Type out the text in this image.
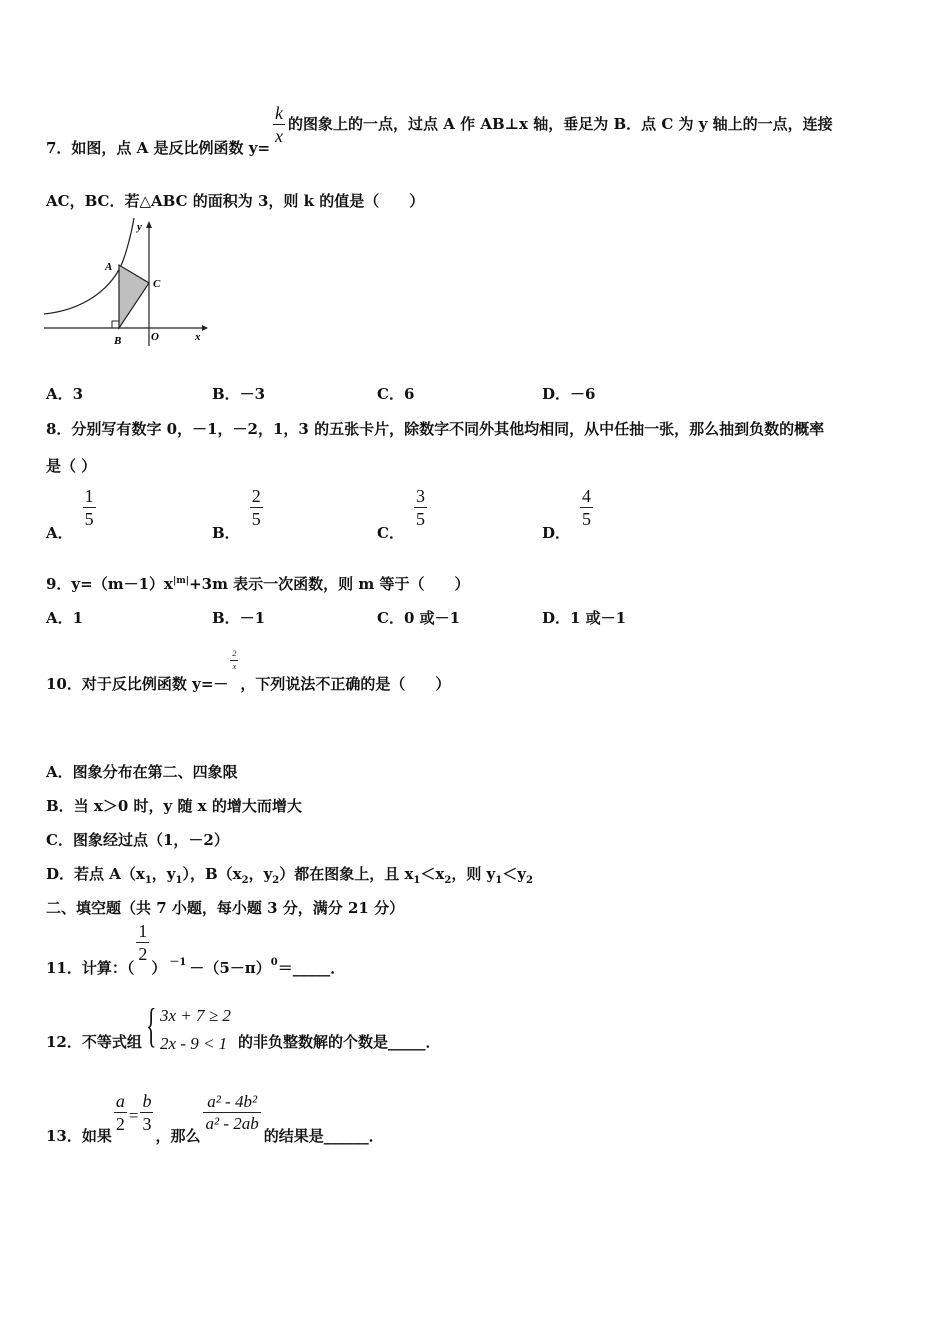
7．如图，点 A 是反比例函数 y=
$\frac{k}{x}$ 的图象上的一点，过点 A 作 AB⊥x 轴，垂足为 B．点 C 为 y 轴上的一点，连接
AC，BC．若△ABC 的面积为 3，则 k 的值是（　　）
y
A
C
B	O	x
A．3	B．－3	C．6	D．－6
8．分别写有数字 0，－1，－2，1，3 的五张卡片，除数字不同外其他均相同，从中任抽一张，那么抽到负数的概率
是（ ）
A．
$\frac{1}{5}$
B．
$\frac{2}{5}$
C．
$\frac{3}{5}$
D．
$\frac{4}{5}$
9．$y=(m-1)x^{|m|}+3m$ 表示一次函数，则 m 等于（　　）
A．1	B．－1	C．0 或－1	D．1 或－1
10．对于反比例函数 y=－
$\frac{2}{x}$
，下列说法不正确的是（　　）
A．图象分布在第二、四象限
B．当 x＞0 时，y 随 x 的增大而增大
C．图象经过点（1，－2）
D．若点 $A(x_1$，$y_1$），$B(x_2$，$y_2$）都在图象上，且 $x_1<x_2$，则 $y_1<y_2$
二、填空题（共 7 小题，每小题 3 分，满分 21 分）
11．计算：（
$\frac{1}{2}$
） $_{-1} -(5-\pi)_0=\_\_\_\_\_$．
12．不等式组 { 3x + 7 ≥ 2
2x - 9 < 1 的非负整数解的个数是_____．
13．如果
$\frac{a}{2} = \frac{b}{3}$
，那么
$\frac{\text{a² - 4b²}}{\text{a² - 2ab}}$
的结果是______．
